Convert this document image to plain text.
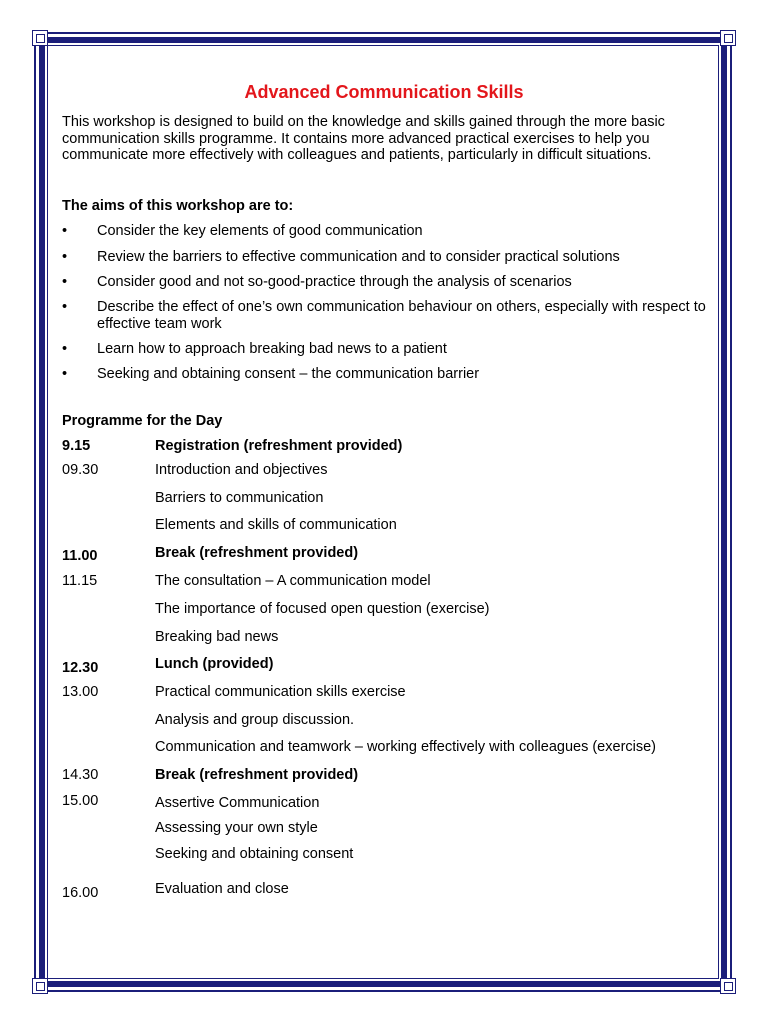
Advanced Communication Skills
This workshop is designed to build on the knowledge and skills gained through the more basic communication skills programme. It contains more advanced practical exercises to help you communicate more effectively with colleagues and patients, particularly in difficult situations.
The aims of this workshop are to:
• Consider the key elements of good communication
• Review the barriers to effective communication and to consider practical solutions
• Consider good and not so-good-practice through the analysis of scenarios
• Describe the effect of one’s own communication behaviour on others, especially with respect to effective team work
• Learn how to approach breaking bad news to a patient
• Seeking and obtaining consent – the communication barrier
Programme for the Day
9.15	Registration (refreshment provided)
09.30	Introduction and objectives
Barriers to communication
Elements and skills of communication
11.00	Break (refreshment provided)
11.15	The consultation – A communication model
The importance of focused open question (exercise)
Breaking bad news
12.30	Lunch (provided)
13.00	Practical communication skills exercise
Analysis and group discussion.
Communication and teamwork – working effectively with colleagues (exercise)
14.30	Break (refreshment provided)
15.00	Assertive Communication
Assessing your own style
Seeking and obtaining consent
16.00	Evaluation and close
